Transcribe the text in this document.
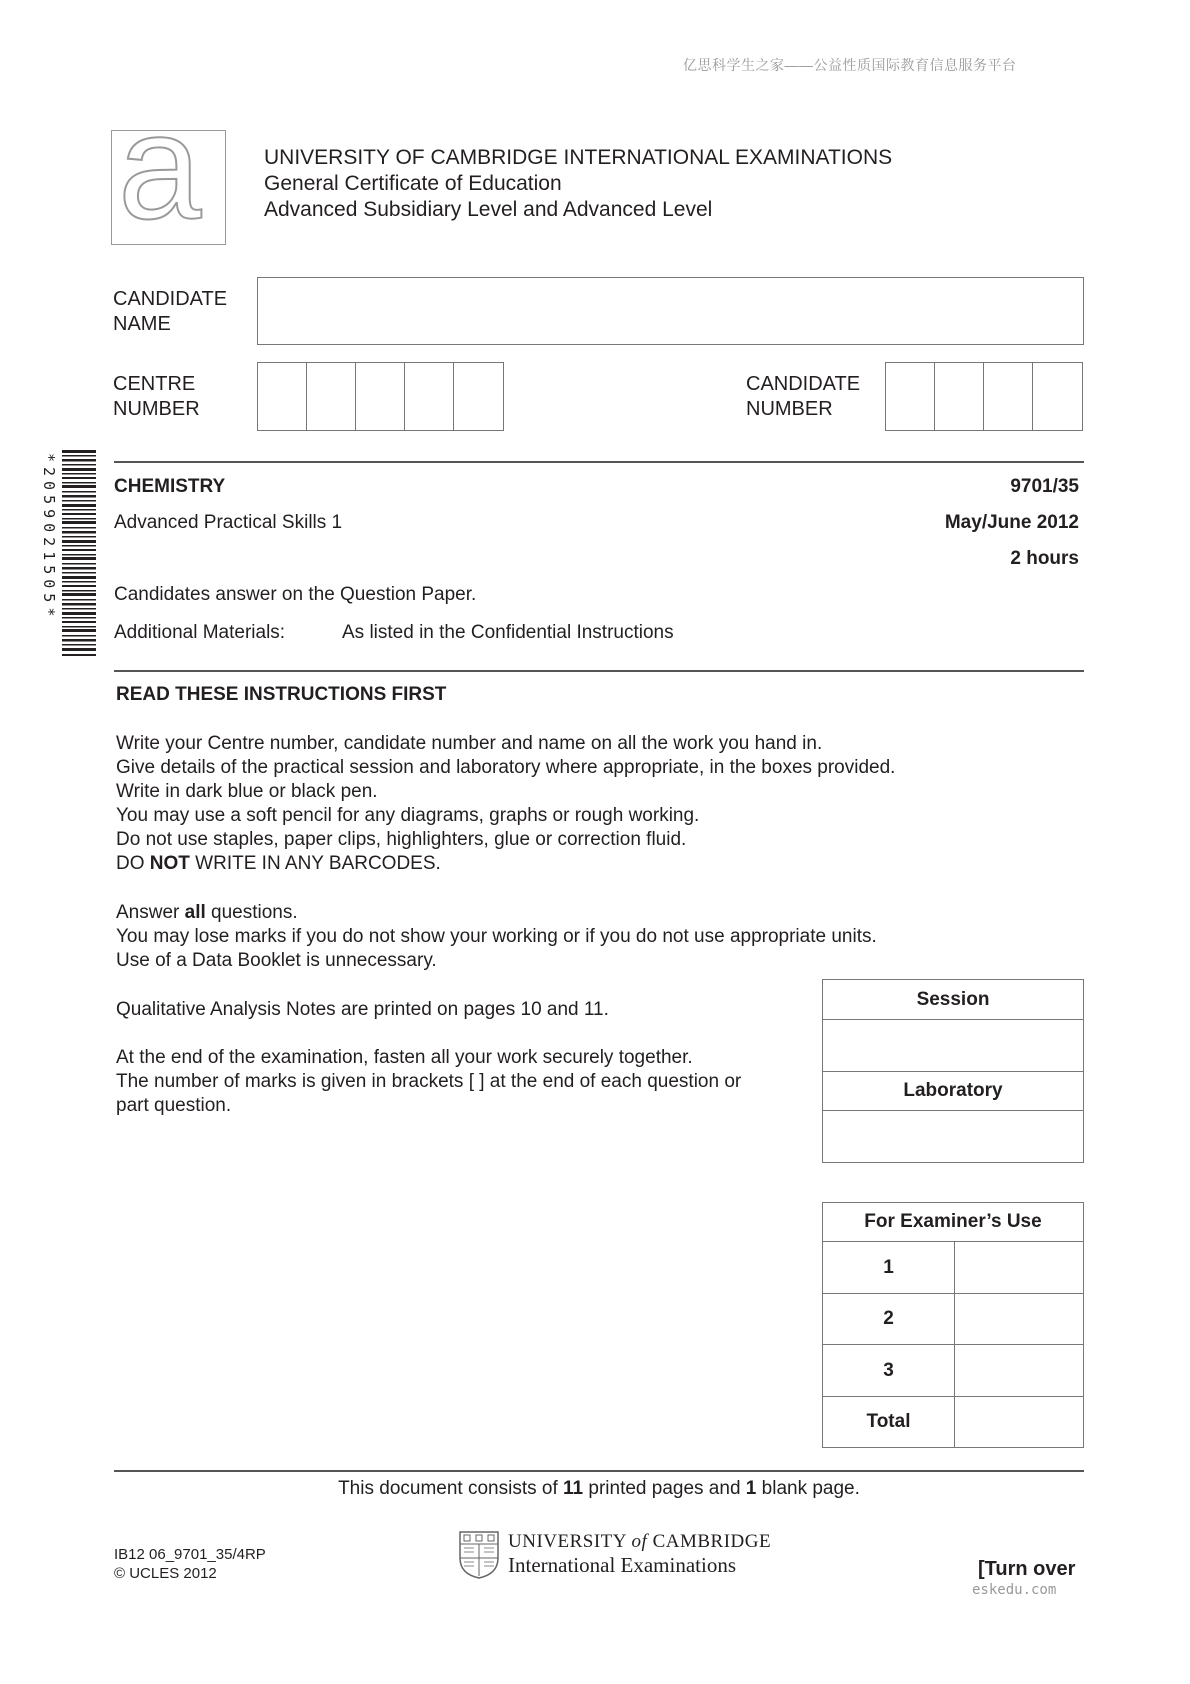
亿思科学生之家——公益性质国际教育信息服务平台
a	UNIVERSITY OF CAMBRIDGE INTERNATIONAL EXAMINATIONS
General Certificate of Education
Advanced Subsidiary Level and Advanced Level
CANDIDATE
NAME
CENTRE
NUMBER
CANDIDATE
NUMBER
*2059021505*	CHEMISTRY	9701/35
Advanced Practical Skills 1	May/June 2012
2 hours
Candidates answer on the Question Paper.
Additional Materials:	As listed in the Confidential Instructions
READ THESE INSTRUCTIONS FIRST
Write your Centre number, candidate number and name on all the work you hand in.
Give details of the practical session and laboratory where appropriate, in the boxes provided.
Write in dark blue or black pen.
You may use a soft pencil for any diagrams, graphs or rough working.
Do not use staples, paper clips, highlighters, glue or correction fluid.
DO NOT WRITE IN ANY BARCODES.
Answer all questions.
You may lose marks if you do not show your working or if you do not use appropriate units.
Use of a Data Booklet is unnecessary.
Qualitative Analysis Notes are printed on pages 10 and 11.
At the end of the examination, fasten all your work securely together.
The number of marks is given in brackets [ ] at the end of each question or
part question.
Session

Laboratory

For Examiner’s Use	
1	
2	
3	
Total	
This document consists of 11 printed pages and 1 blank page.
IB12 06_9701_35/4RP
© UCLES 2012
UNIVERSITY of CAMBRIDGE
International Examinations	[Turn over
eskedu.com
